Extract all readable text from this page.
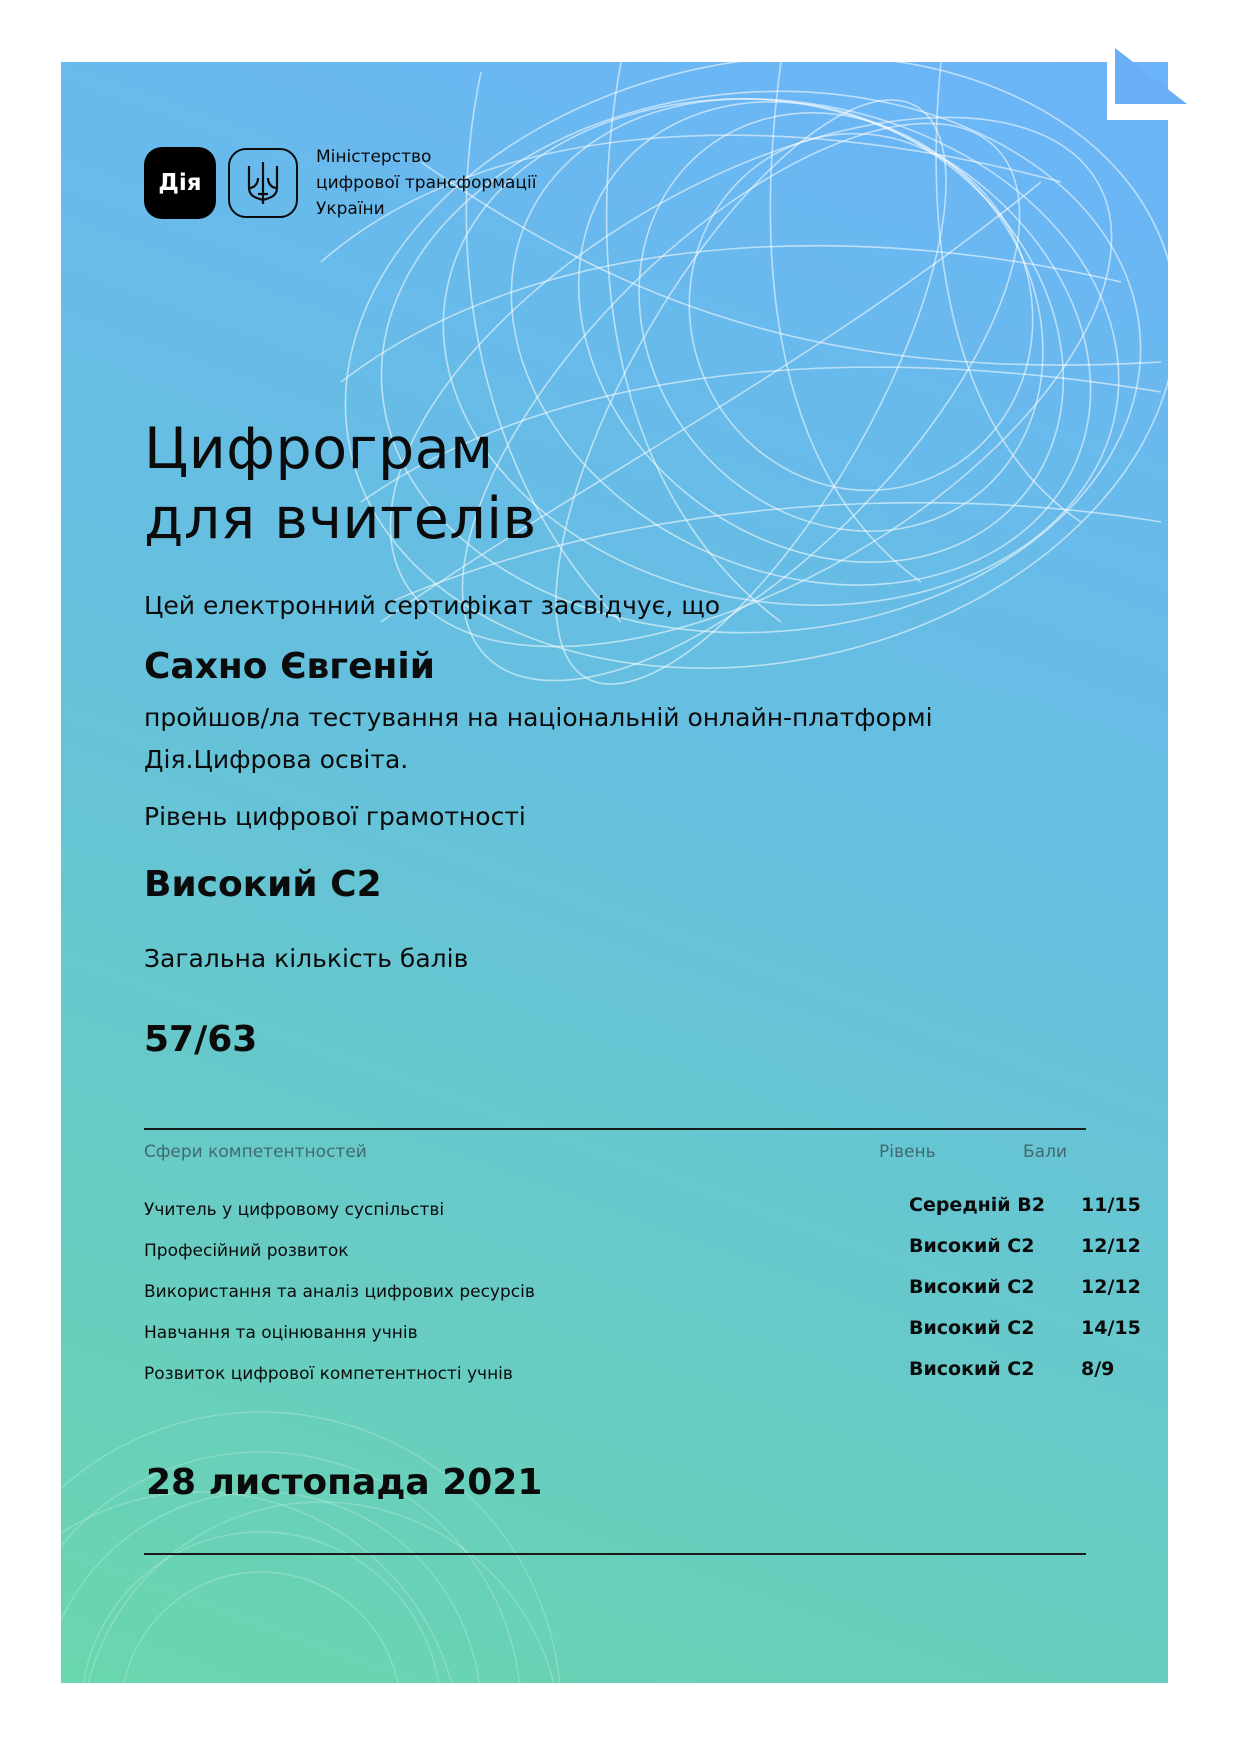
Дія
Міністерство
цифрової трансформації
України
Цифрограм
для вчителів
Цей електронний сертифікат засвідчує, що
Сахно Євгеній
пройшов/ла тестування на національній онлайн-платформі
Дія.Цифрова освіта.
Рівень цифрової грамотності
Високий С2
Загальна кількість балів
57/63
Сфери компетентностей	Рівень	Бали
Учитель у цифровому суспільстві	Середній В2 11/15
Професійний розвиток	Високий С2 12/12
Використання та аналіз цифрових ресурсів	Високий С2 12/12
Навчання та оцінювання учнів	Високий С2 14/15
Розвиток цифрової компетентності учнів	Високий С2 8/9
28 листопада 2021
